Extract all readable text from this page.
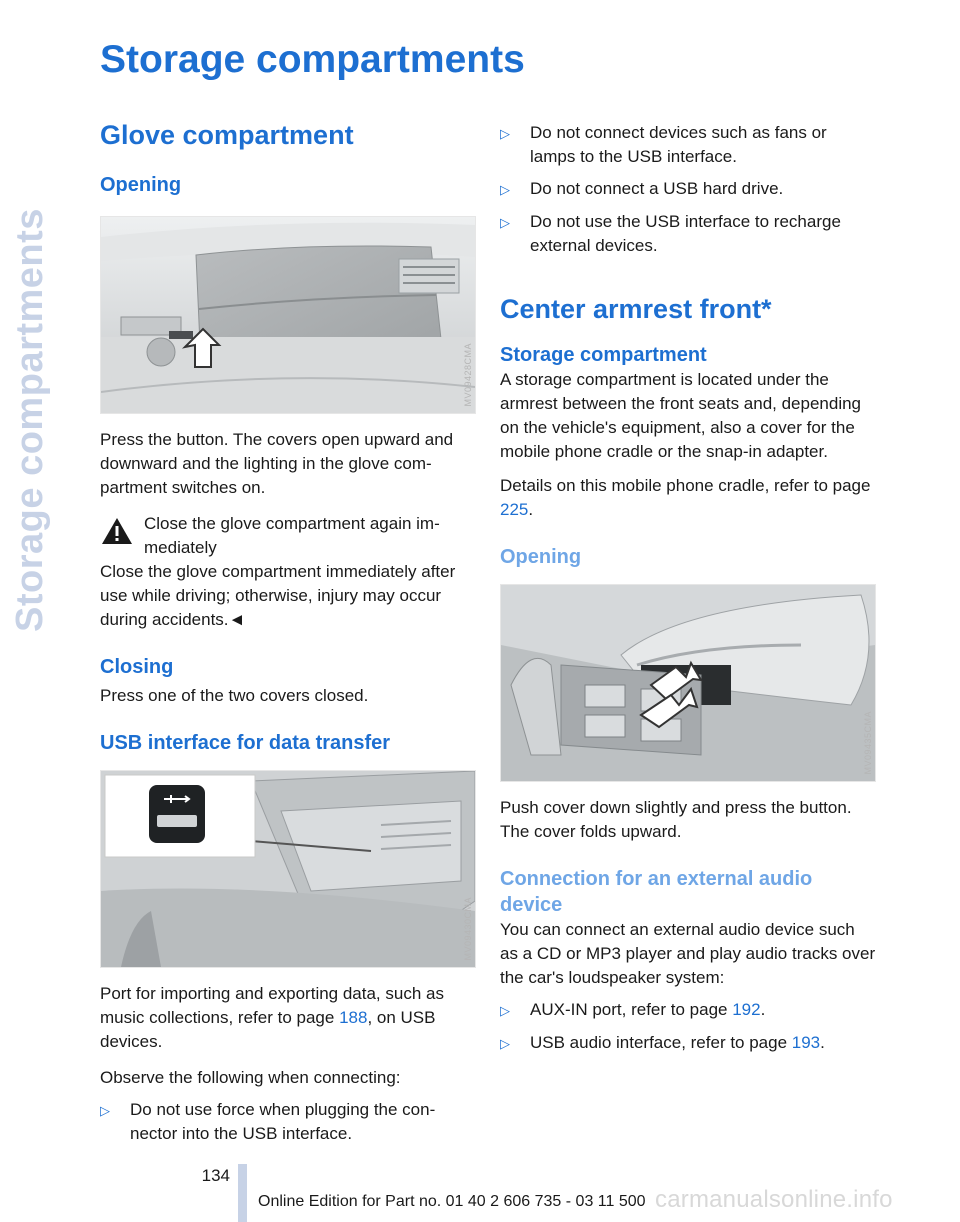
Storage compartments
Storage compartments
Glove compartment
Opening
MV09428CMA

Press the button. The covers open upward and downward and the lighting in the glove com-partment switches on.

Close the glove compartment again im-mediately

Close the glove compartment immediately after use while driving; otherwise, injury may occur during accidents.◄

Closing

Press one of the two covers closed.

USB interface for data transfer
MV09430CMA

Port for importing and exporting data, such as music collections, refer to page 188, on USB devices.

Observe the following when connecting:

▷	Do not use force when plugging the con-nector into the USB interface.
▷	Do not connect devices such as fans or lamps to the USB interface.
▷	Do not connect a USB hard drive.
▷	Do not use the USB interface to recharge external devices.
Center armrest front*
Storage compartment

A storage compartment is located under the armrest between the front seats and, depending on the vehicle's equipment, also a cover for the mobile phone cradle or the snap-in adapter.

Details on this mobile phone cradle, refer to page 225.

Opening
MV09435CMA

Push cover down slightly and press the button. The cover folds upward.

Connection for an external audio device

You can connect an external audio device such as a CD or MP3 player and play audio tracks over the car's loudspeaker system:

▷	AUX-IN port, refer to page 192.
▷	USB audio interface, refer to page 193.
134
Online Edition for Part no. 01 40 2 606 735 - 03 11 500 carmanualsonline.info
